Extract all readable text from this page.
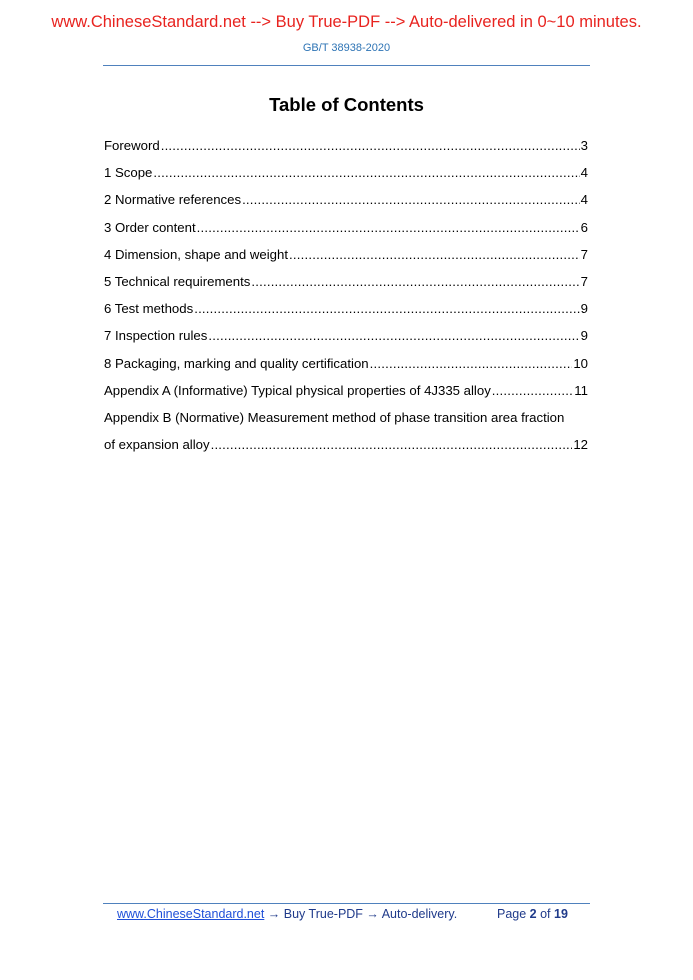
www.ChineseStandard.net --> Buy True-PDF --> Auto-delivered in 0~10 minutes.
GB/T 38938-2020
Table of Contents
Foreword .....	3
1 Scope .....	4
2 Normative references .....	4
3 Order content .....	6
4 Dimension, shape and weight .....	7
5 Technical requirements .....	7
6 Test methods .....	9
7 Inspection rules .....	9
8 Packaging, marking and quality certification .....	10
Appendix A (Informative) Typical physical properties of 4J335 alloy .....	11
Appendix B (Normative) Measurement method of phase transition area fraction
of expansion alloy .....	12
www.ChineseStandard.net → Buy True-PDF → Auto-delivery.	Page 2 of 19
